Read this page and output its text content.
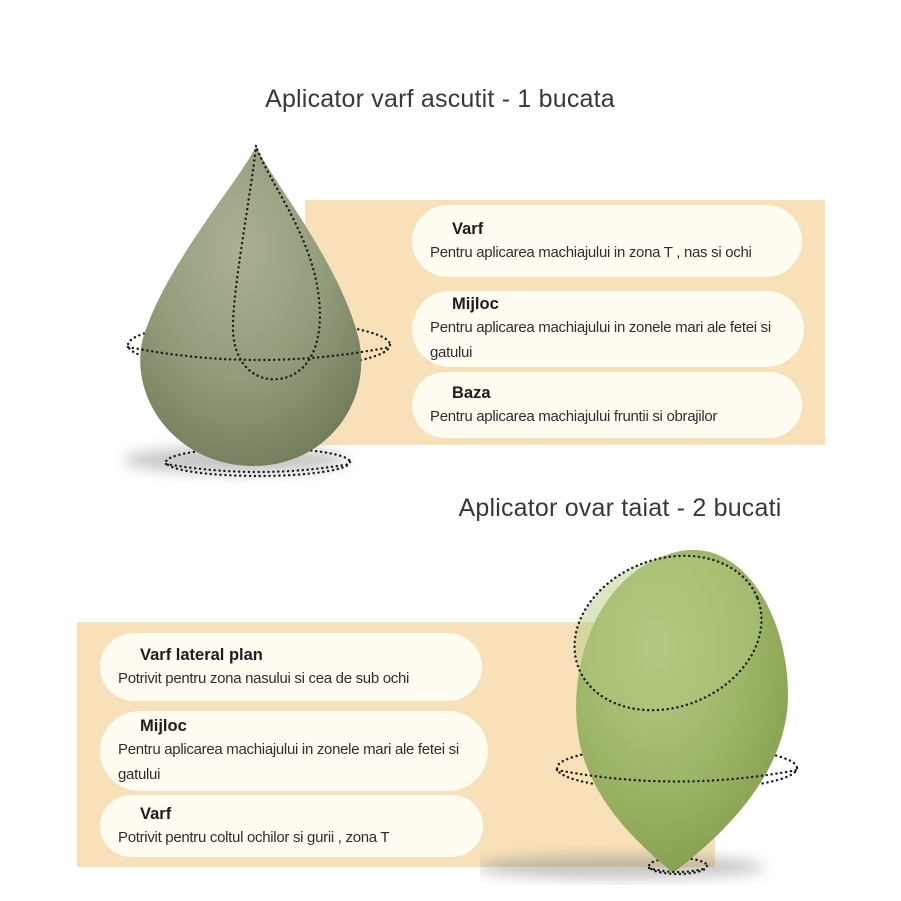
Aplicator varf ascutit - 1 bucata
Varf
Pentru aplicarea machiajului in zona T , nas si ochi
Mijloc
Pentru aplicarea machiajului in zonele mari ale fetei si gatului
Baza
Pentru aplicarea machiajului fruntii si obrajilor
Aplicator ovar taiat - 2 bucati
Varf lateral plan
Potrivit pentru zona nasului si cea de sub ochi
Mijloc
Pentru aplicarea machiajului in zonele mari ale fetei si gatului
Varf
Potrivit pentru coltul ochilor si gurii , zona T
